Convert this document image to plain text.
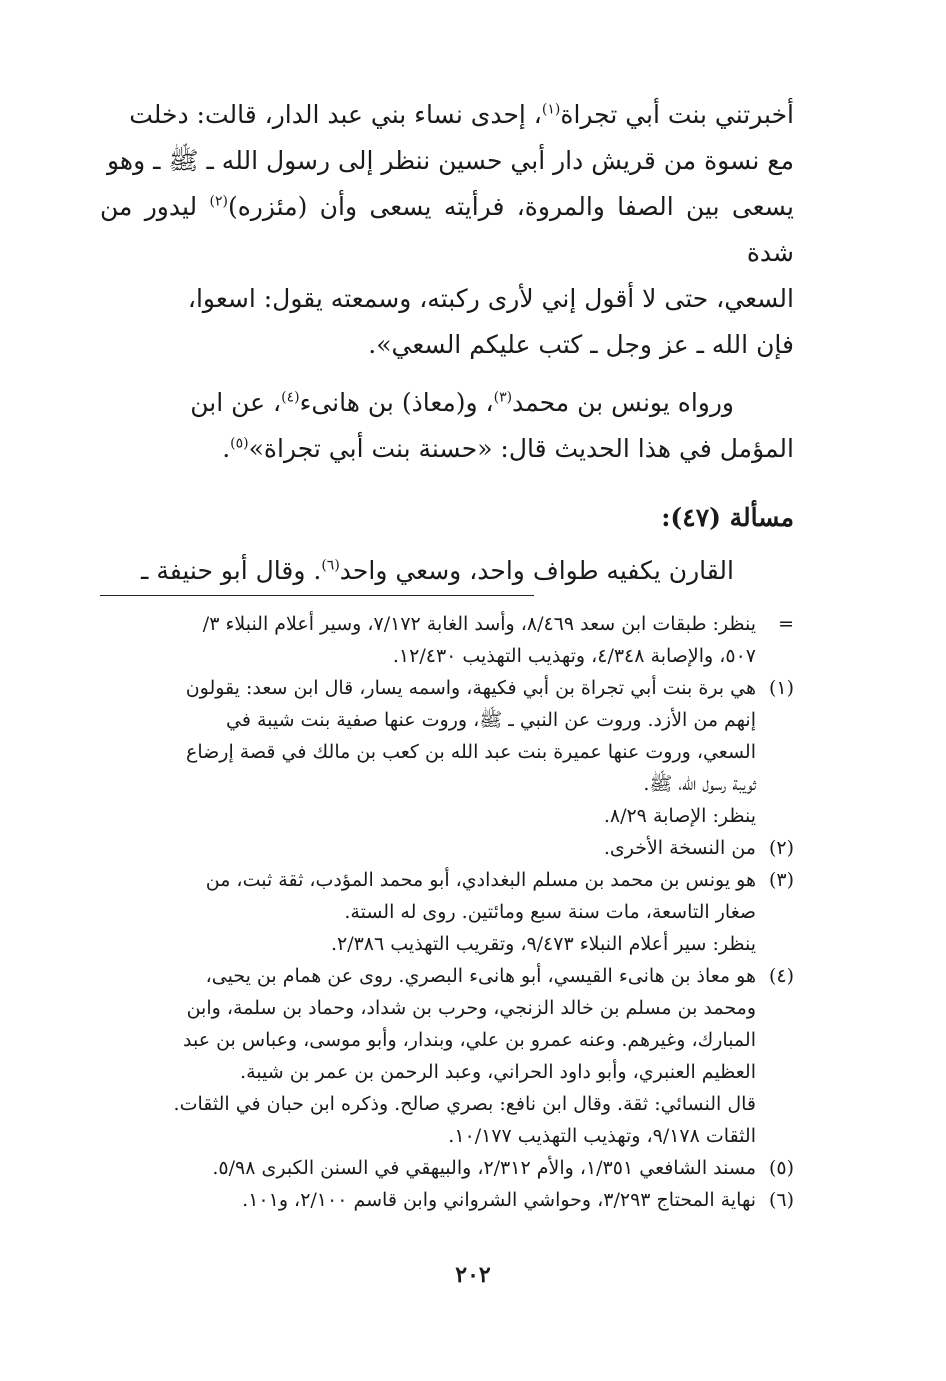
أخبرتني بنت أبي تجراة$^{(١)}$، إحدى نساء بني عبد الدار، قالت: دخلت
مع نسوة من قريش دار أبي حسين ننظر إلى رسول الله ـ ﷺ ـ وهو
يسعى بين الصفا والمروة، فرأيته يسعى وأن (مئزره)$^{(٢)}$ ليدور من شدة
السعي، حتى لا أقول إني لأرى ركبته، وسمعته يقول: اسعوا،
فإن الله ـ عز وجل ـ كتب عليكم السعي».

ورواه يونس بن محمد$^{(٣)}$، و(معاذ) بن هانىء$^{(٤)}$، عن ابن
المؤمل في هذا الحديث قال: «حسنة بنت أبي تجراة»$^{(٥)}$.

مسألة (٤٧):

القارن يكفيه طواف واحد، وسعي واحد$^{(٦)}$. وقال أبو حنيفة ـ

=
ينظر: طبقات ابن سعد ٨/٤٦٩، وأسد الغابة ٧/١٧٢، وسير أعلام النبلاء ٣/
٥٠٧، والإصابة ٤/٣٤٨، وتهذيب التهذيب ١٢/٤٣٠.
(١)
هي برة بنت أبي تجراة بن أبي فكيهة، واسمه يسار، قال ابن سعد: يقولون
إنهم من الأزد. وروت عن النبي ـ ﷺ، وروت عنها صفية بنت شيبة في
السعي، وروت عنها عميرة بنت عبد الله بن كعب بن مالك في قصة إرضاع
ثويبة رسول الله، ﷺ.
ينظر: الإصابة ٨/٢٩.
(٢)
من النسخة الأخرى.
(٣)
هو يونس بن محمد بن مسلم البغدادي، أبو محمد المؤدب، ثقة ثبت، من
صغار التاسعة، مات سنة سبع ومائتين. روى له الستة.
ينظر: سير أعلام النبلاء ٩/٤٧٣، وتقريب التهذيب ٢/٣٨٦.
(٤)
هو معاذ بن هانىء القيسي، أبو هانىء البصري. روى عن همام بن يحيى،
ومحمد بن مسلم بن خالد الزنجي، وحرب بن شداد، وحماد بن سلمة، وابن
المبارك، وغيرهم. وعنه عمرو بن علي، وبندار، وأبو موسى، وعباس بن عبد
العظيم العنبري، وأبو داود الحراني، وعبد الرحمن بن عمر بن شيبة.
قال النسائي: ثقة. وقال ابن نافع: بصري صالح. وذكره ابن حبان في الثقات.
الثقات ٩/١٧٨، وتهذيب التهذيب ١٠/١٧٧.
(٥)
مسند الشافعي ١/٣٥١، والأم ٢/٣١٢، والبيهقي في السنن الكبرى ٥/٩٨.
(٦)
نهاية المحتاج ٣/٢٩٣، وحواشي الشرواني وابن قاسم ٢/١٠٠، و١٠١.
٢٠٢
